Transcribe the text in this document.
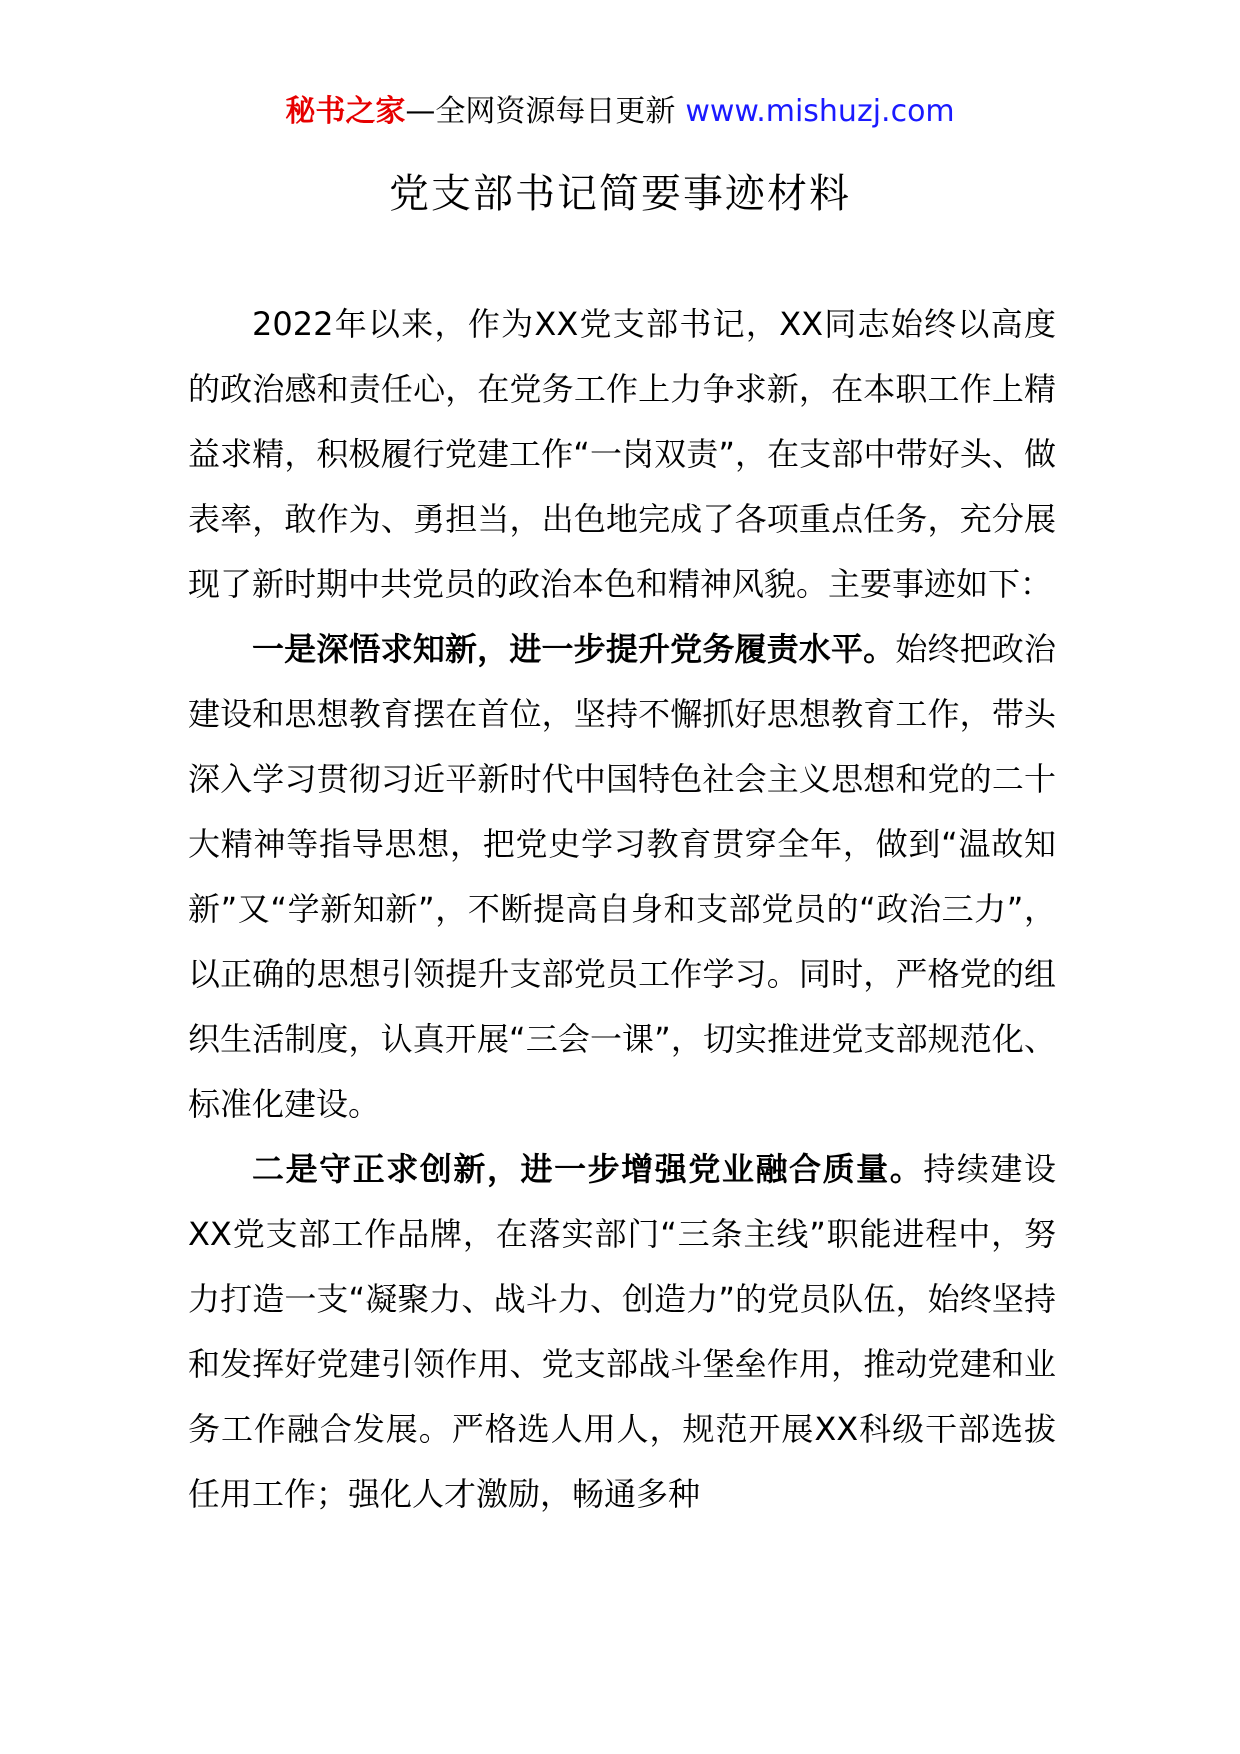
秘书之家—全网资源每日更新 www.mishuzj.com
党支部书记简要事迹材料

2022年以来，作为XX党支部书记，XX同志始终以高度的政治感和责任心，在党务工作上力争求新，在本职工作上精益求精，积极履行党建工作“一岗双责”，在支部中带好头、做表率，敢作为、勇担当，出色地完成了各项重点任务，充分展现了新时期中共党员的政治本色和精神风貌。主要事迹如下：

一是深悟求知新，进一步提升党务履责水平。始终把政治建设和思想教育摆在首位，坚持不懈抓好思想教育工作，带头深入学习贯彻习近平新时代中国特色社会主义思想和党的二十大精神等指导思想，把党史学习教育贯穿全年，做到“温故知新”又“学新知新”，不断提高自身和支部党员的“政治三力”，以正确的思想引领提升支部党员工作学习。同时，严格党的组织生活制度，认真开展“三会一课”，切实推进党支部规范化、标准化建设。

二是守正求创新，进一步增强党业融合质量。持续建设XX党支部工作品牌，在落实部门“三条主线”职能进程中，努力打造一支“凝聚力、战斗力、创造力”的党员队伍，始终坚持和发挥好党建引领作用、党支部战斗堡垒作用，推动党建和业务工作融合发展。严格选人用人，规范开展XX科级干部选拔任用工作；强化人才激励，畅通多种
